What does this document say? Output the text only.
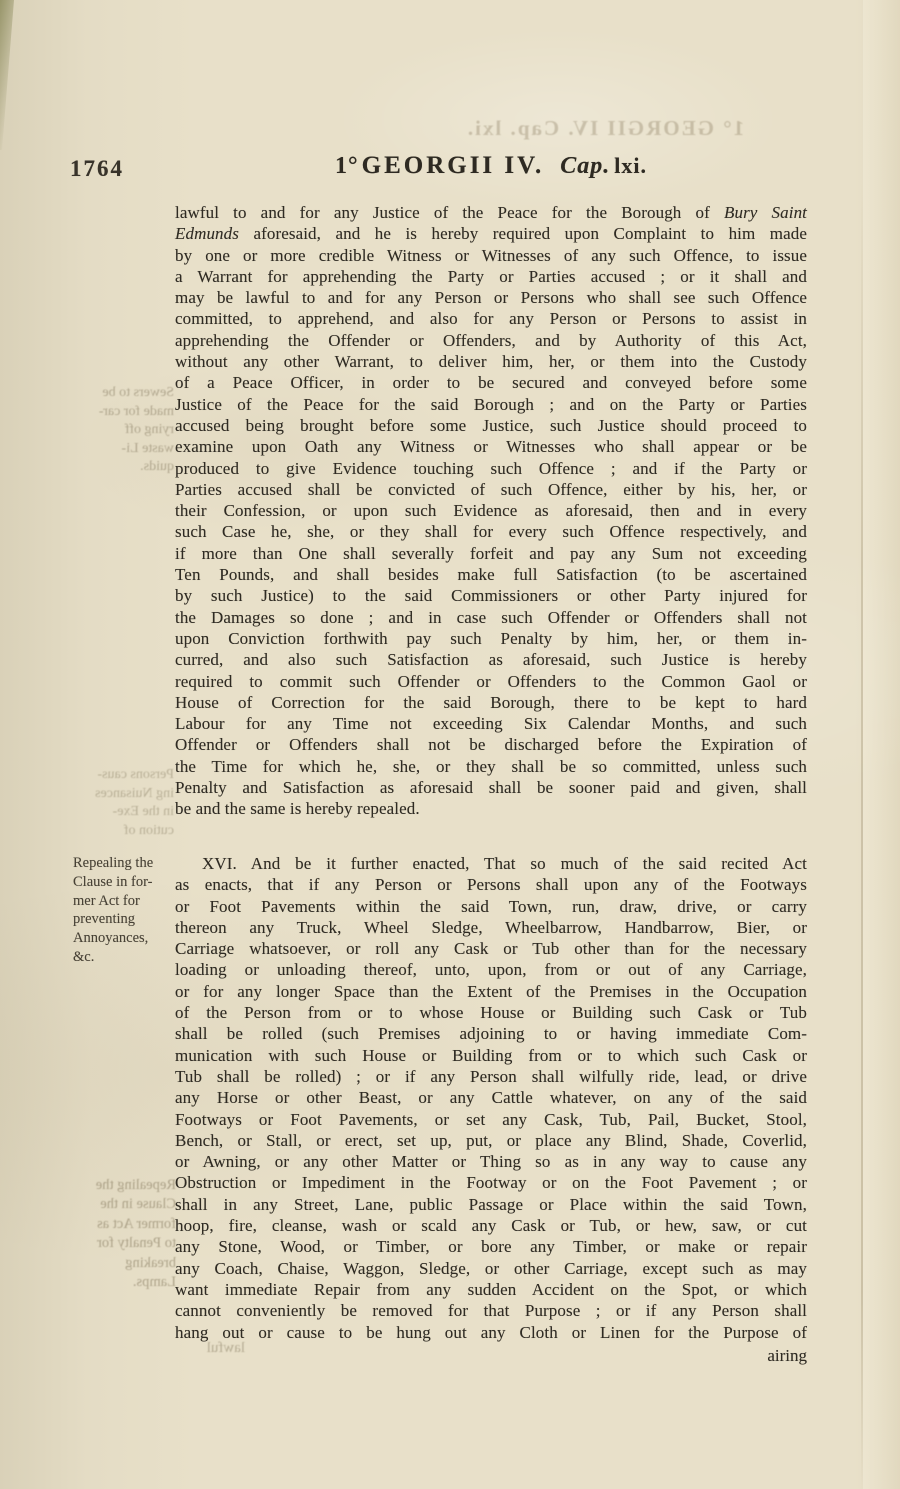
1° GEORGII IV. Cap. lxi.
Sewers to be
made for car-
rying off
waste Li-
quids.
Persons caus-
ing Nuisances
in the Exe-
cution of
Repealing the
Clause in the
former Act as
to Penalty for
breaking
Lamps.
lawful
1764	1° GEORGII IV. Cap. lxi.
Repealing the
Clause in for-
mer Act for
preventing
Annoyances,
&c.
lawful to and for any Justice of the Peace for the Borough of Bury Saint
Edmunds aforesaid, and he is hereby required upon Complaint to him made
by one or more credible Witness or Witnesses of any such Offence, to issue
a Warrant for apprehending the Party or Parties accused ; or it shall and
may be lawful to and for any Person or Persons who shall see such Offence
committed, to apprehend, and also for any Person or Persons to assist in
apprehending the Offender or Offenders, and by Authority of this Act,
without any other Warrant, to deliver him, her, or them into the Custody
of a Peace Officer, in order to be secured and conveyed before some
Justice of the Peace for the said Borough ; and on the Party or Parties
accused being brought before some Justice, such Justice should proceed to
examine upon Oath any Witness or Witnesses who shall appear or be
produced to give Evidence touching such Offence ; and if the Party or
Parties accused shall be convicted of such Offence, either by his, her, or
their Confession, or upon such Evidence as aforesaid, then and in every
such Case he, she, or they shall for every such Offence respectively, and
if more than One shall severally forfeit and pay any Sum not exceeding
Ten Pounds, and shall besides make full Satisfaction (to be ascertained
by such Justice) to the said Commissioners or other Party injured for
the Damages so done ; and in case such Offender or Offenders shall not
upon Conviction forthwith pay such Penalty by him, her, or them in-
curred, and also such Satisfaction as aforesaid, such Justice is hereby
required to commit such Offender or Offenders to the Common Gaol or
House of Correction for the said Borough, there to be kept to hard
Labour for any Time not exceeding Six Calendar Months, and such
Offender or Offenders shall not be discharged before the Expiration of
the Time for which he, she, or they shall be so committed, unless such
Penalty and Satisfaction as aforesaid shall be sooner paid and given, shall
be and the same is hereby repealed.
XVI. And be it further enacted, That so much of the said recited Act
as enacts, that if any Person or Persons shall upon any of the Footways
or Foot Pavements within the said Town, run, draw, drive, or carry
thereon any Truck, Wheel Sledge, Wheelbarrow, Handbarrow, Bier, or
Carriage whatsoever, or roll any Cask or Tub other than for the necessary
loading or unloading thereof, unto, upon, from or out of any Carriage,
or for any longer Space than the Extent of the Premises in the Occupation
of the Person from or to whose House or Building such Cask or Tub
shall be rolled (such Premises adjoining to or having immediate Com-
munication with such House or Building from or to which such Cask or
Tub shall be rolled) ; or if any Person shall wilfully ride, lead, or drive
any Horse or other Beast, or any Cattle whatever, on any of the said
Footways or Foot Pavements, or set any Cask, Tub, Pail, Bucket, Stool,
Bench, or Stall, or erect, set up, put, or place any Blind, Shade, Coverlid,
or Awning, or any other Matter or Thing so as in any way to cause any
Obstruction or Impediment in the Footway or on the Foot Pavement ; or
shall in any Street, Lane, public Passage or Place within the said Town,
hoop, fire, cleanse, wash or scald any Cask or Tub, or hew, saw, or cut
any Stone, Wood, or Timber, or bore any Timber, or make or repair
any Coach, Chaise, Waggon, Sledge, or other Carriage, except such as may
want immediate Repair from any sudden Accident on the Spot, or which
cannot conveniently be removed for that Purpose ; or if any Person shall
hang out or cause to be hung out any Cloth or Linen for the Purpose of
airing
